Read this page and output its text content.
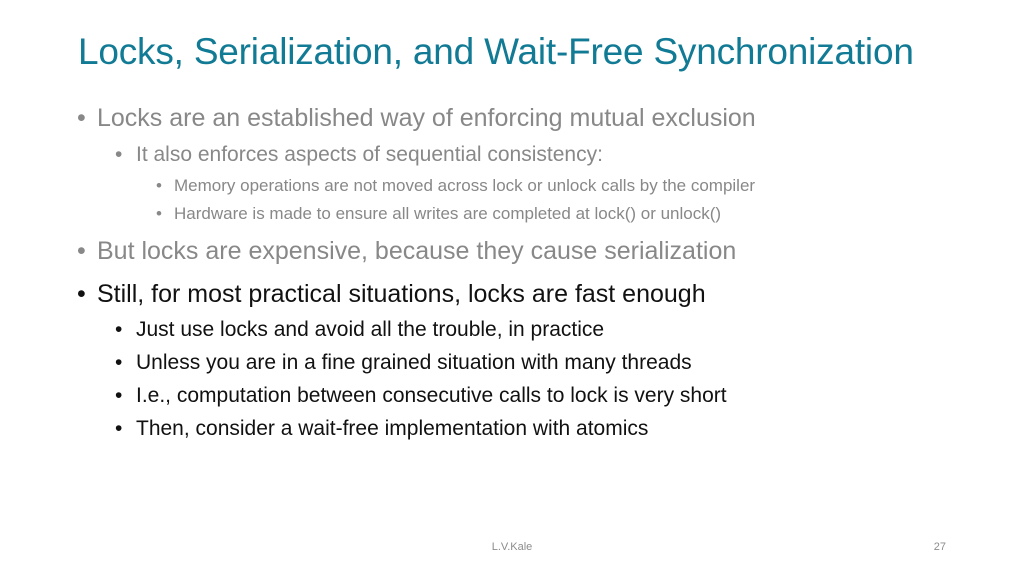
Locks, Serialization, and Wait-Free Synchronization
• Locks are an established way of enforcing mutual exclusion
• It also enforces aspects of sequential consistency:
• Memory operations are not moved across lock or unlock calls by the compiler
• Hardware is made to ensure all writes are completed at lock() or unlock()
• But locks are expensive, because they cause serialization
• Still, for most practical situations, locks are fast enough
• Just use locks and avoid all the trouble, in practice
• Unless you are in a fine grained situation with many threads
• I.e., computation between consecutive calls to lock is very short
• Then, consider a wait-free implementation with atomics
L.V.Kale	27
